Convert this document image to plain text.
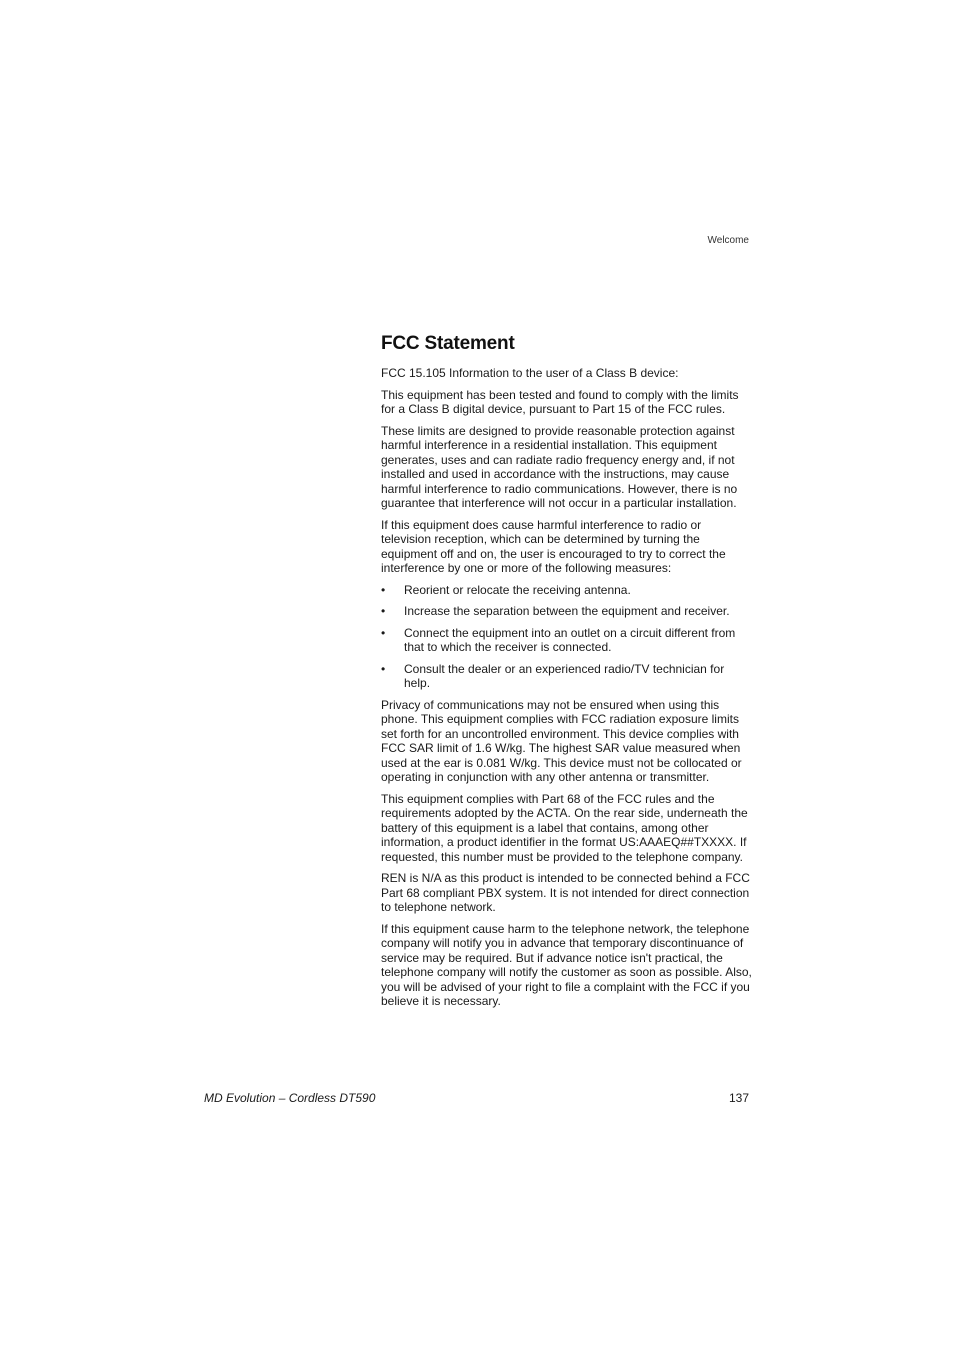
Welcome
FCC Statement

FCC 15.105 Information to the user of a Class B device:

This equipment has been tested and found to comply with the limits for a Class B digital device, pursuant to Part 15 of the FCC rules.

These limits are designed to provide reasonable protection against harmful interference in a residential installation. This equipment generates, uses and can radiate radio frequency energy and, if not installed and used in accordance with the instructions, may cause harmful interference to radio communications. However, there is no guarantee that interference will not occur in a particular installation.

If this equipment does cause harmful interference to radio or television reception, which can be determined by turning the equipment off and on, the user is encouraged to try to correct the interference by one or more of the following measures:

• Reorient or relocate the receiving antenna.
• Increase the separation between the equipment and receiver.
• Connect the equipment into an outlet on a circuit different from that to which the receiver is connected.
• Consult the dealer or an experienced radio/TV technician for help.

Privacy of communications may not be ensured when using this phone. This equipment complies with FCC radiation exposure limits set forth for an uncontrolled environment. This device complies with FCC SAR limit of 1.6 W/kg. The highest SAR value measured when used at the ear is 0.081 W/kg. This device must not be collocated or operating in conjunction with any other antenna or transmitter.

This equipment complies with Part 68 of the FCC rules and the requirements adopted by the ACTA. On the rear side, underneath the battery of this equipment is a label that contains, among other information, a product identifier in the format US:AAAEQ##TXXXX. If requested, this number must be provided to the telephone company.

REN is N/A as this product is intended to be connected behind a FCC Part 68 compliant PBX system. It is not intended for direct connection to telephone network.

If this equipment cause harm to the telephone network, the telephone company will notify you in advance that temporary discontinuance of service may be required. But if advance notice isn't practical, the telephone company will notify the customer as soon as possible. Also, you will be advised of your right to file a complaint with the FCC if you believe it is necessary.

MD Evolution – Cordless DT590	137
